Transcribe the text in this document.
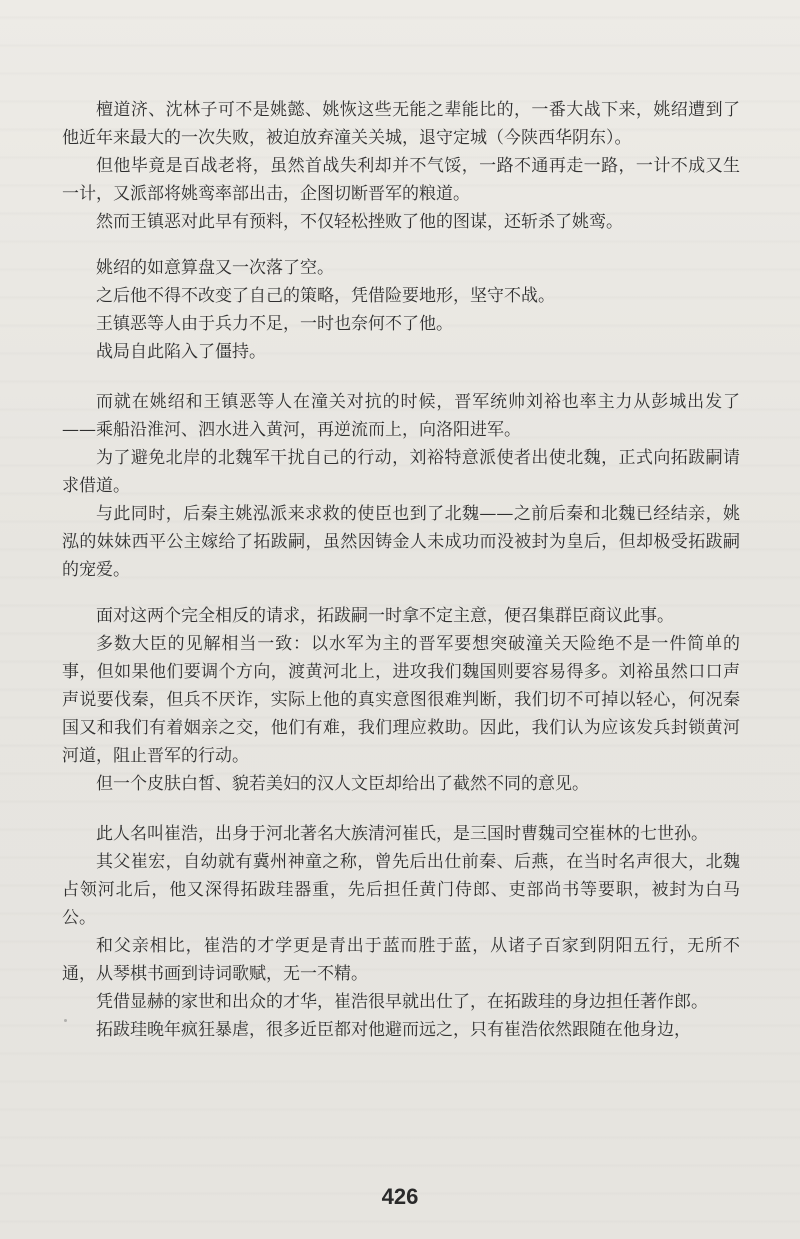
檀道济、沈林子可不是姚懿、姚恢这些无能之辈能比的，一番大战下来，姚绍遭到了他近年来最大的一次失败，被迫放弃潼关关城，退守定城（今陕西华阴东）。

但他毕竟是百战老将，虽然首战失利却并不气馁，一路不通再走一路，一计不成又生一计，又派部将姚鸾率部出击，企图切断晋军的粮道。

然而王镇恶对此早有预料，不仅轻松挫败了他的图谋，还斩杀了姚鸾。

姚绍的如意算盘又一次落了空。

之后他不得不改变了自己的策略，凭借险要地形，坚守不战。

王镇恶等人由于兵力不足，一时也奈何不了他。

战局自此陷入了僵持。

而就在姚绍和王镇恶等人在潼关对抗的时候，晋军统帅刘裕也率主力从彭城出发了——乘船沿淮河、泗水进入黄河，再逆流而上，向洛阳进军。

为了避免北岸的北魏军干扰自己的行动，刘裕特意派使者出使北魏，正式向拓跋嗣请求借道。

与此同时，后秦主姚泓派来求救的使臣也到了北魏——之前后秦和北魏已经结亲，姚泓的妹妹西平公主嫁给了拓跋嗣，虽然因铸金人未成功而没被封为皇后，但却极受拓跋嗣的宠爱。

面对这两个完全相反的请求，拓跋嗣一时拿不定主意，便召集群臣商议此事。

多数大臣的见解相当一致：以水军为主的晋军要想突破潼关天险绝不是一件简单的事，但如果他们要调个方向，渡黄河北上，进攻我们魏国则要容易得多。刘裕虽然口口声声说要伐秦，但兵不厌诈，实际上他的真实意图很难判断，我们切不可掉以轻心，何况秦国又和我们有着姻亲之交，他们有难，我们理应救助。因此，我们认为应该发兵封锁黄河河道，阻止晋军的行动。

但一个皮肤白皙、貌若美妇的汉人文臣却给出了截然不同的意见。

此人名叫崔浩，出身于河北著名大族清河崔氏，是三国时曹魏司空崔林的七世孙。

其父崔宏，自幼就有冀州神童之称，曾先后出仕前秦、后燕，在当时名声很大，北魏占领河北后，他又深得拓跋珪器重，先后担任黄门侍郎、吏部尚书等要职，被封为白马公。

和父亲相比，崔浩的才学更是青出于蓝而胜于蓝，从诸子百家到阴阳五行，无所不通，从琴棋书画到诗词歌赋，无一不精。

凭借显赫的家世和出众的才华，崔浩很早就出仕了，在拓跋珪的身边担任著作郎。

拓跋珪晚年疯狂暴虐，很多近臣都对他避而远之，只有崔浩依然跟随在他身边，

426
